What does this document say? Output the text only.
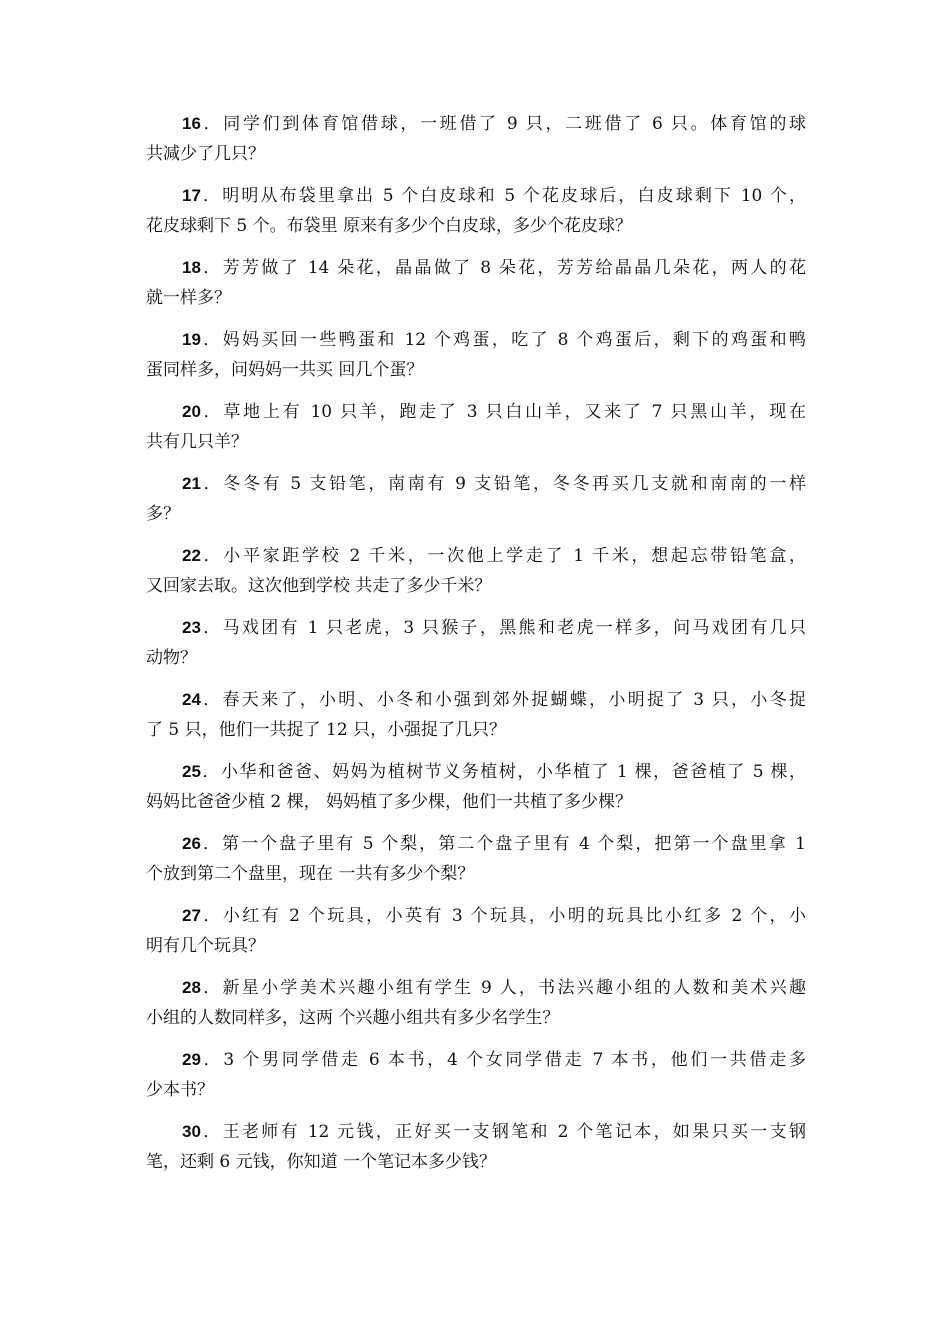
16．同学们到体育馆借球，一班借了 9 只，二班借了 6 只。体育馆的球
共减少了几只？
17．明明从布袋里拿出 5 个白皮球和 5 个花皮球后，白皮球剩下 10 个，
花皮球剩下 5 个。布袋里 原来有多少个白皮球，多少个花皮球？
18．芳芳做了 14 朵花，晶晶做了 8 朵花，芳芳给晶晶几朵花，两人的花
就一样多？
19．妈妈买回一些鸭蛋和 12 个鸡蛋，吃了 8 个鸡蛋后，剩下的鸡蛋和鸭
蛋同样多，问妈妈一共买 回几个蛋？
20．草地上有 10 只羊，跑走了 3 只白山羊，又来了 7 只黑山羊，现在
共有几只羊？
21．冬冬有 5 支铅笔，南南有 9 支铅笔，冬冬再买几支就和南南的一样
多？
22．小平家距学校 2 千米，一次他上学走了 1 千米，想起忘带铅笔盒，
又回家去取。这次他到学校 共走了多少千米？
23．马戏团有 1 只老虎，3 只猴子，黑熊和老虎一样多，问马戏团有几只
动物？
24．春天来了，小明、小冬和小强到郊外捉蝴蝶，小明捉了 3 只，小冬捉
了 5 只，他们一共捉了 12 只，小强捉了几只？
25．小华和爸爸、妈妈为植树节义务植树，小华植了 1 棵，爸爸植了 5 棵，
妈妈比爸爸少植 2 棵， 妈妈植了多少棵，他们一共植了多少棵？
26．第一个盘子里有 5 个梨，第二个盘子里有 4 个梨，把第一个盘里拿 1
个放到第二个盘里，现在 一共有多少个梨？
27．小红有 2 个玩具，小英有 3 个玩具，小明的玩具比小红多 2 个，小
明有几个玩具？
28．新星小学美术兴趣小组有学生 9 人，书法兴趣小组的人数和美术兴趣
小组的人数同样多，这两 个兴趣小组共有多少名学生？
29．3 个男同学借走 6 本书，4 个女同学借走 7 本书，他们一共借走多
少本书？
30．王老师有 12 元钱，正好买一支钢笔和 2 个笔记本，如果只买一支钢
笔，还剩 6 元钱，你知道 一个笔记本多少钱？
